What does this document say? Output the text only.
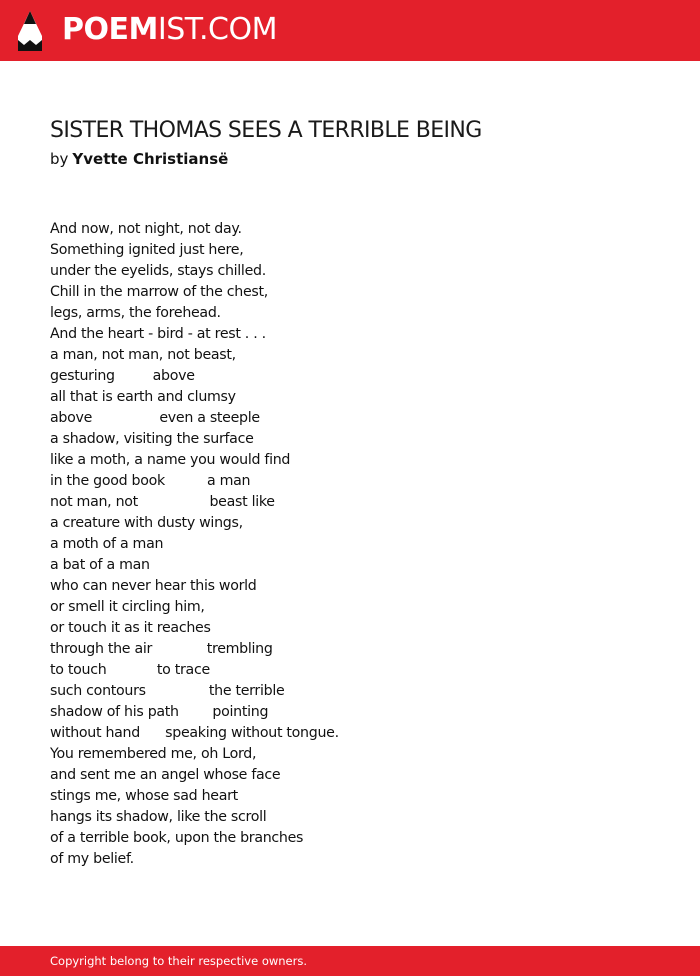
POEMIST.COM
SISTER THOMAS SEES A TERRIBLE BEING
by Yvette Christiansë
And now, not night, not day.
Something ignited just here,
under the eyelids, stays chilled.
Chill in the marrow of the chest,
legs, arms, the forehead.
And the heart - bird - at rest . . .
a man, not man, not beast,
gesturing         above
all that is earth and clumsy
above                even a steeple
a shadow, visiting the surface
like a moth, a name you would find
in the good book          a man
not man, not                 beast like
a creature with dusty wings,
a moth of a man
a bat of a man
who can never hear this world
or smell it circling him,
or touch it as it reaches
through the air             trembling
to touch            to trace
such contours               the terrible
shadow of his path        pointing
without hand      speaking without tongue.
You remembered me, oh Lord,
and sent me an angel whose face
stings me, whose sad heart
hangs its shadow, like the scroll
of a terrible book, upon the branches
of my belief.
Copyright belong to their respective owners.
